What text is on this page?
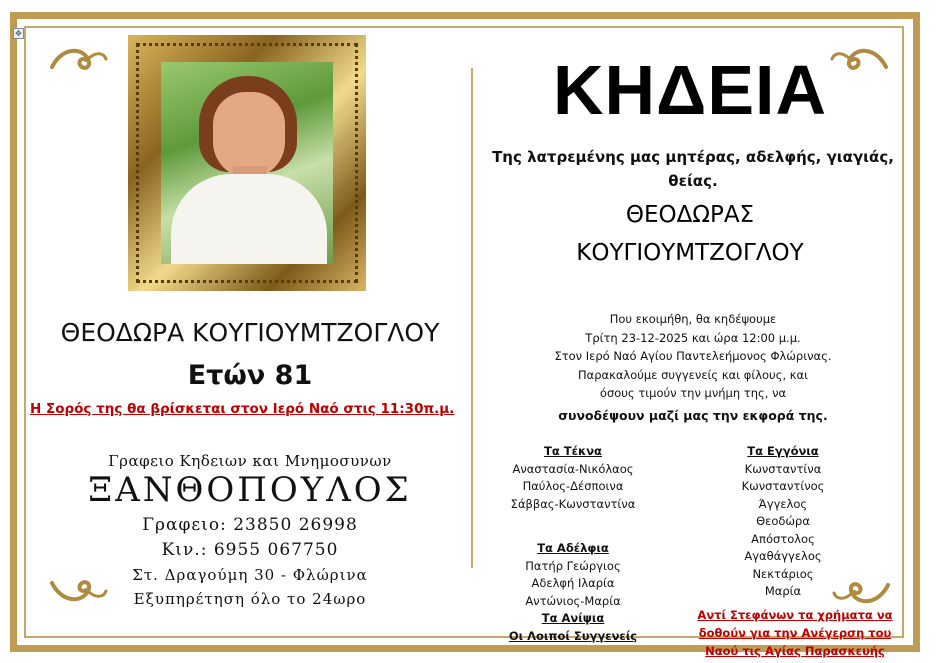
✥
ΘΕΟΔΩΡΑ ΚΟΥΓΙΟΥΜΤΖΟΓΛΟΥ
Ετών 81
Η Σορός της θα βρίσκεται στον Ιερό Ναό στις 11:30π.μ.
Γραφειο Κηδειων και Μνημοσυνων
ΞΑΝΘΟΠΟΥΛΟΣ
Γραφειο: 23850 26998
Κιν.: 6955 067750
Στ. Δραγούμη 30 - Φλώρινα
Εξυπηρέτηση όλο το 24ωρο
ΚΗΔΕΙΑ
Της λατρεμένης μας μητέρας, αδελφής, γιαγιάς, θείας.
ΘΕΟΔΩΡΑΣ
ΚΟΥΓΙΟΥΜΤΖΟΓΛΟΥ
Που εκοιμήθη, θα κηδέψουμε
Τρίτη 23-12-2025 και ώρα 12:00 μ.μ.
Στον Ιερό Ναό Αγίου Παντελεήμονος Φλώρινας.
Παρακαλούμε συγγενείς και φίλους, και
όσους τιμούν την μνήμη της, να
συνοδέψουν μαζί μας την εκφορά της.
Τα Τέκνα
Αναστασία-Νικόλαος
Παύλος-Δέσποινα
Σάββας-Κωνσταντίνα
Τα Αδέλφια
Πατήρ Γεώργιος
Αδελφή Ιλαρία
Αντώνιος-Μαρία
Τα Ανίψια
Οι Λοιποί Συγγενείς
Τα Εγγόνια
Κωνσταντίνα
Κωνσταντίνος
Άγγελος
Θεοδώρα
Απόστολος
Αγαθάγγελος
Νεκτάριος
Μαρία
Αντί Στεφάνων τα χρήματα να
δοθούν για την Ανέγερση του
Ναού τις Αγίας Παρασκευής
